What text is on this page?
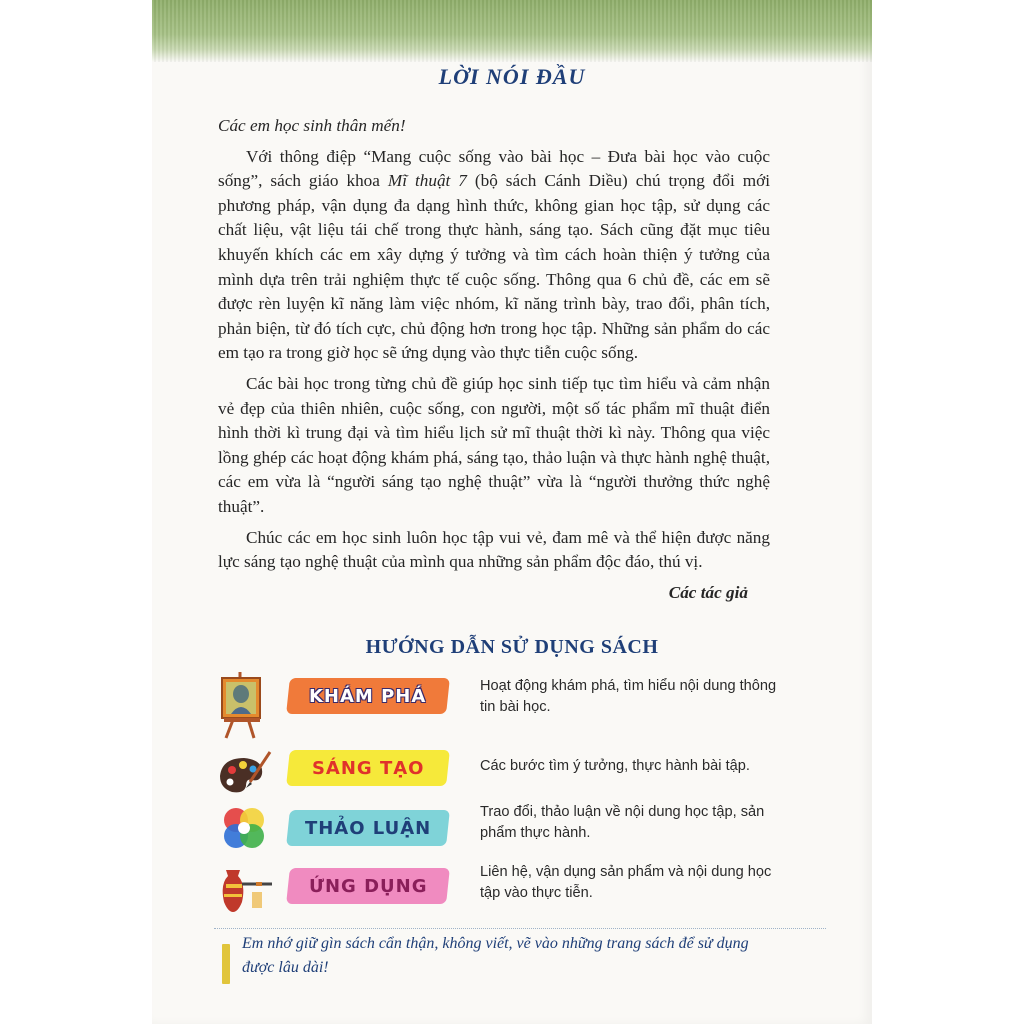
LỜI NÓI ĐẦU

Các em học sinh thân mến!

Với thông điệp “Mang cuộc sống vào bài học – Đưa bài học vào cuộc sống”, sách giáo khoa Mĩ thuật 7 (bộ sách Cánh Diều) chú trọng đổi mới phương pháp, vận dụng đa dạng hình thức, không gian học tập, sử dụng các chất liệu, vật liệu tái chế trong thực hành, sáng tạo. Sách cũng đặt mục tiêu khuyến khích các em xây dựng ý tưởng và tìm cách hoàn thiện ý tưởng của mình dựa trên trải nghiệm thực tế cuộc sống. Thông qua 6 chủ đề, các em sẽ được rèn luyện kĩ năng làm việc nhóm, kĩ năng trình bày, trao đổi, phân tích, phản biện, từ đó tích cực, chủ động hơn trong học tập. Những sản phẩm do các em tạo ra trong giờ học sẽ ứng dụng vào thực tiễn cuộc sống.

Các bài học trong từng chủ đề giúp học sinh tiếp tục tìm hiểu và cảm nhận vẻ đẹp của thiên nhiên, cuộc sống, con người, một số tác phẩm mĩ thuật điển hình thời kì trung đại và tìm hiểu lịch sử mĩ thuật thời kì này. Thông qua việc lồng ghép các hoạt động khám phá, sáng tạo, thảo luận và thực hành nghệ thuật, các em vừa là “người sáng tạo nghệ thuật” vừa là “người thưởng thức nghệ thuật”.

Chúc các em học sinh luôn học tập vui vẻ, đam mê và thể hiện được năng lực sáng tạo nghệ thuật của mình qua những sản phẩm độc đáo, thú vị.

Các tác giả

HƯỚNG DẪN SỬ DỤNG SÁCH
KHÁM PHÁ	Hoạt động khám phá, tìm hiểu nội dung thông tin bài học.
SÁNG TẠO	Các bước tìm ý tưởng, thực hành bài tập.
THẢO LUẬN
Trao đổi, thảo luận về nội dung học tập, sản phẩm thực hành.
ỨNG DỤNG
Liên hệ, vận dụng sản phẩm và nội dung học tập vào thực tiễn.
Em nhớ giữ gìn sách cẩn thận, không viết, vẽ vào những trang sách để sử dụng được lâu dài!
